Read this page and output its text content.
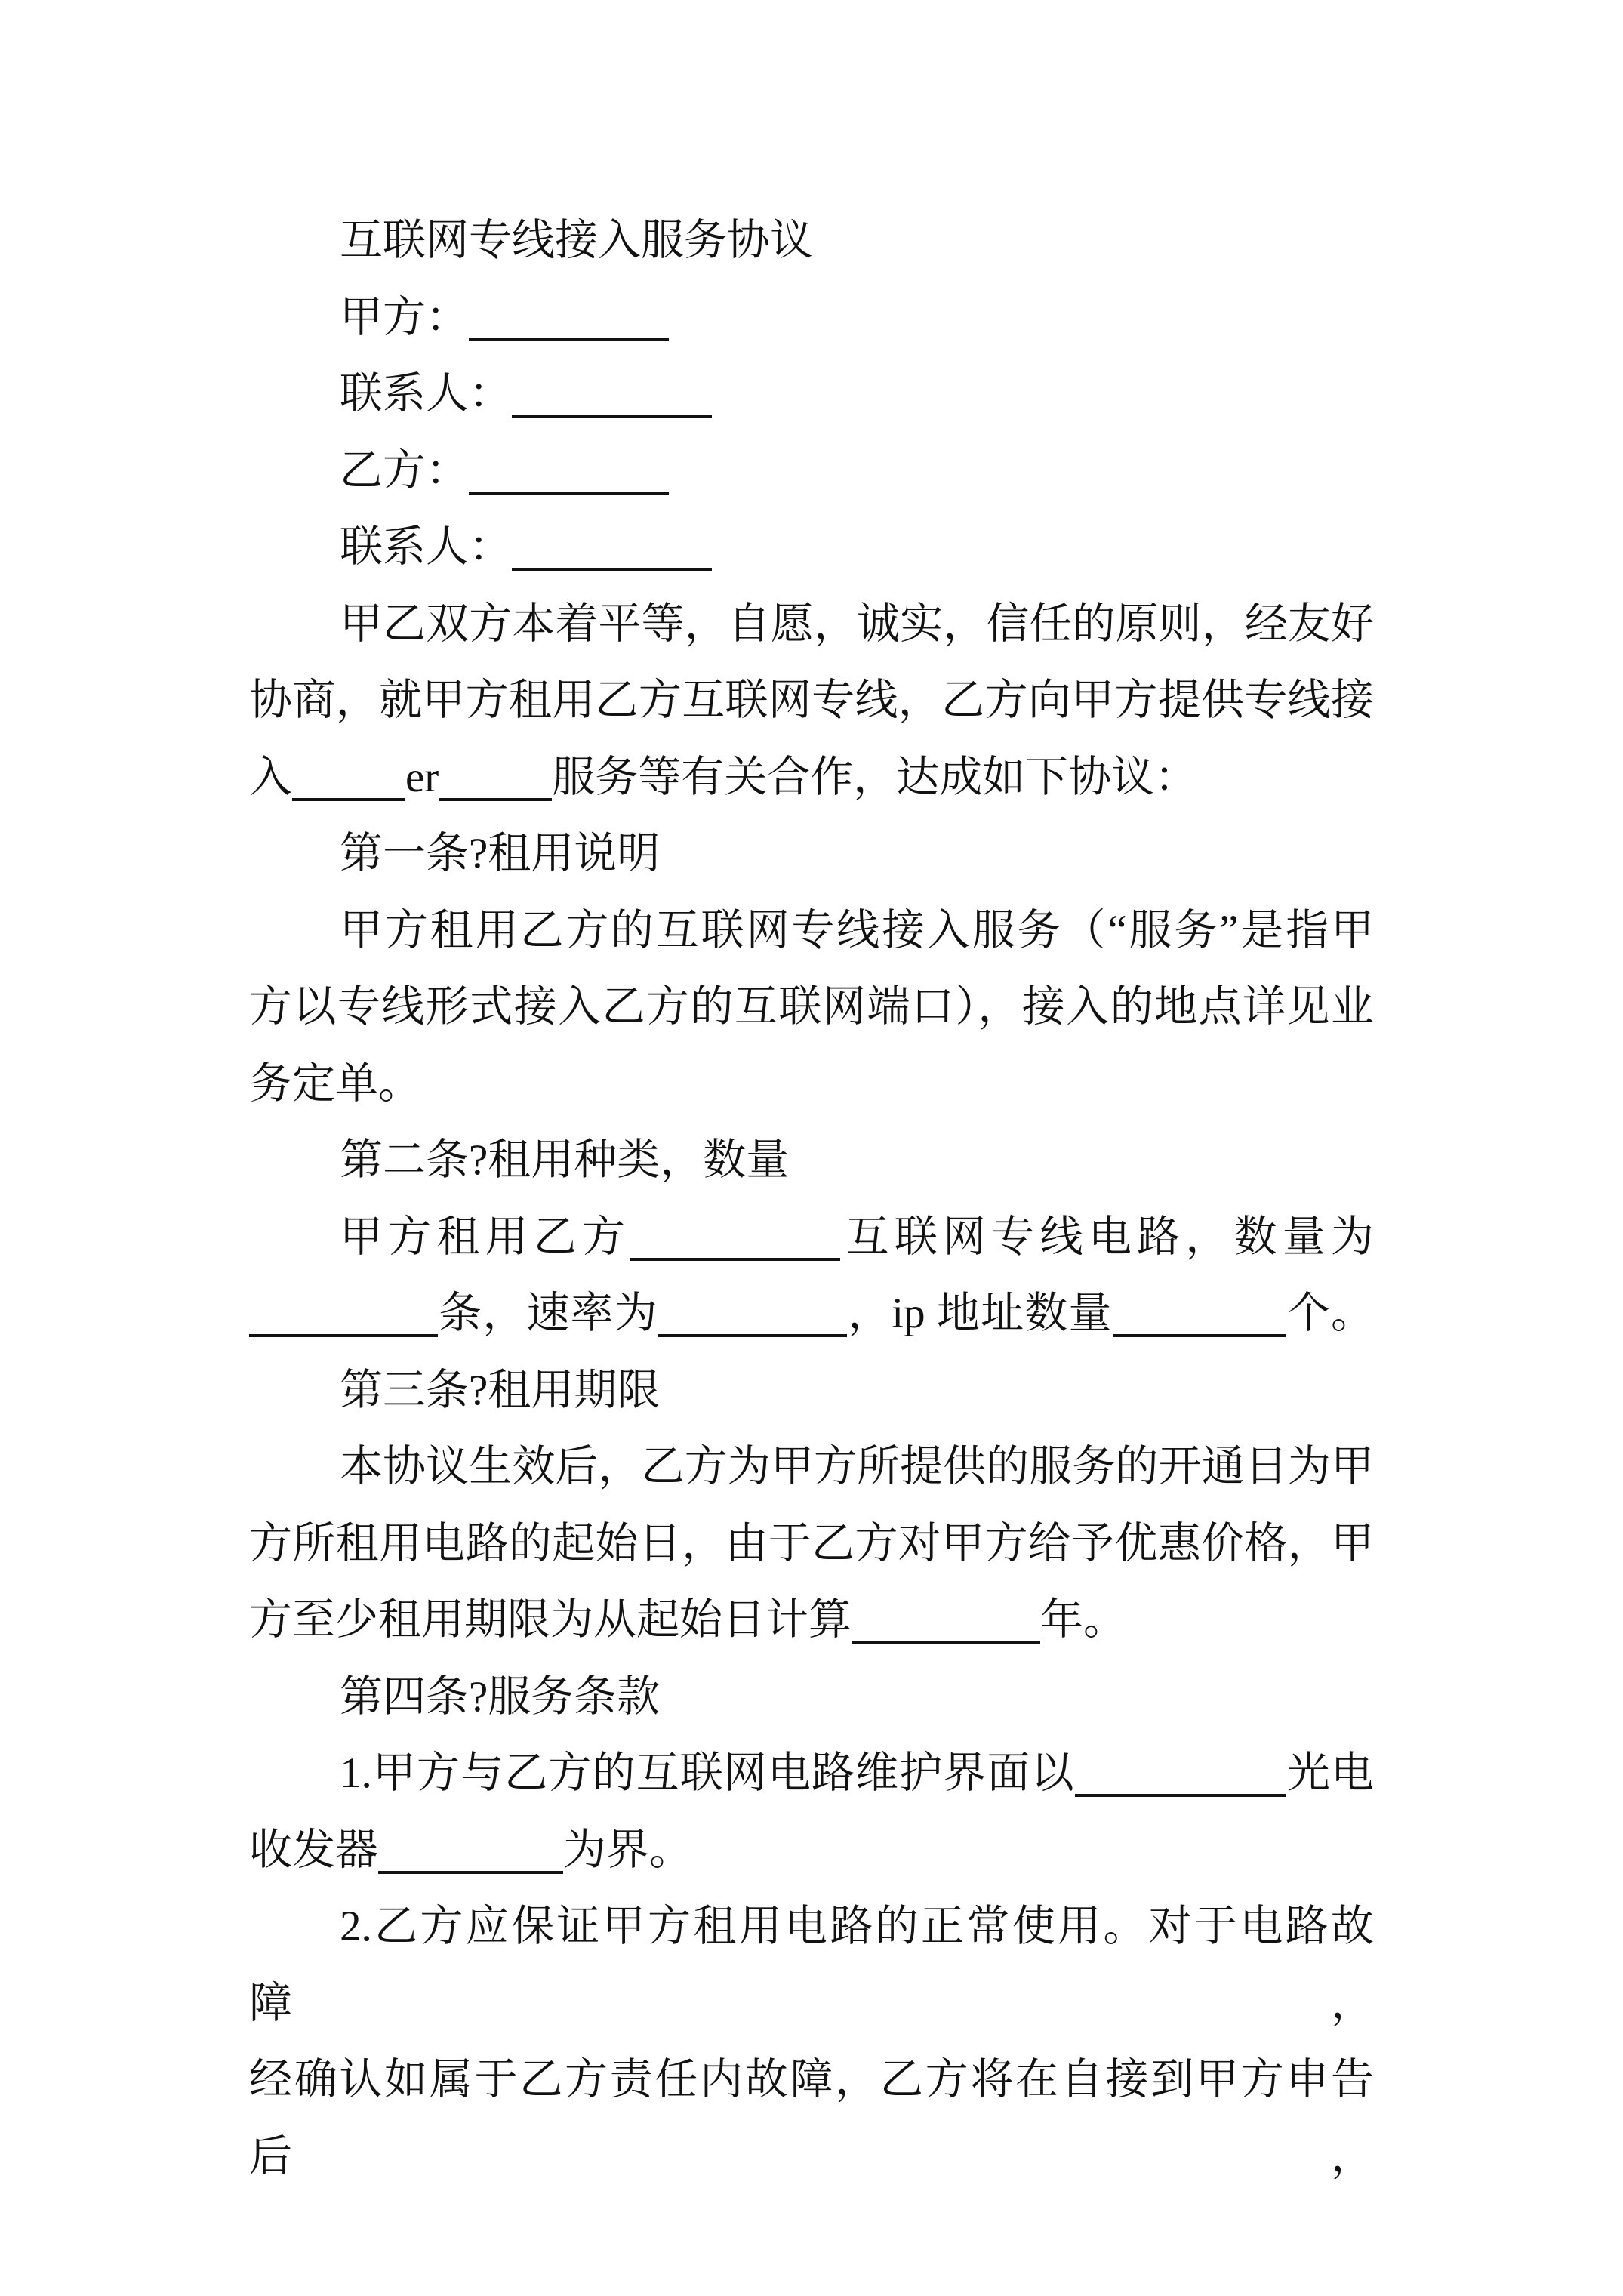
互联网专线接入服务协议
甲方：
联系人：
乙方：
联系人：
甲乙双方本着平等，自愿，诚实，信任的原则，经友好
协商，就甲方租用乙方互联网专线，乙方向甲方提供专线接
入	er	服务等有关合作，达成如下协议：
第一条?租用说明
甲方租用乙方的互联网专线接入服务（“服务”是指甲
方以专线形式接入乙方的互联网端口），接入的地点详见业
务定单。
第二条?租用种类，数量
甲方租用乙方	互联网专线电路，数量为
条，速率为	，ip 地址数量	个。
第三条?租用期限
本协议生效后，乙方为甲方所提供的服务的开通日为甲
方所租用电路的起始日，由于乙方对甲方给予优惠价格，甲
方至少租用期限为从起始日计算	年。
第四条?服务条款
1.甲方与乙方的互联网电路维护界面以	光电
收发器	为界。
2.乙方应保证甲方租用电路的正常使用。对于电路故障，
经确认如属于乙方责任内故障，乙方将在自接到甲方申告后，
